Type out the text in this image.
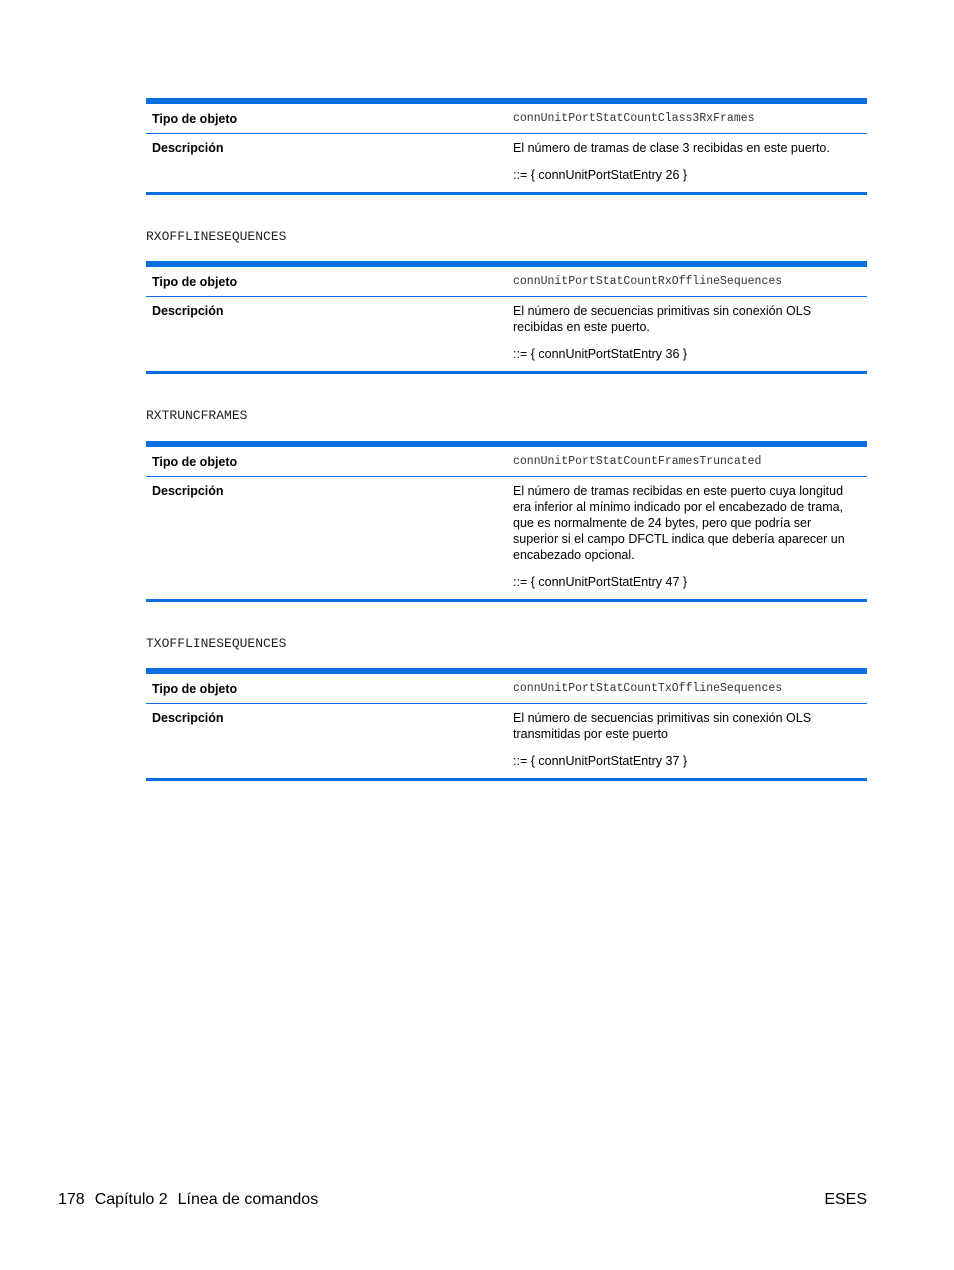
Tipo de objeto	connUnitPortStatCountClass3RxFrames
Descripción	El número de tramas de clase 3 recibidas en este puerto.
::= { connUnitPortStatEntry 26 }
RXOFFLINESEQUENCES
Tipo de objeto	connUnitPortStatCountRxOfflineSequences
Descripción	El número de secuencias primitivas sin conexión OLS recibidas en este puerto.
::= { connUnitPortStatEntry 36 }
RXTRUNCFRAMES
Tipo de objeto	connUnitPortStatCountFramesTruncated
Descripción	El número de tramas recibidas en este puerto cuya longitud era inferior al mínimo indicado por el encabezado de trama, que es normalmente de 24 bytes, pero que podría ser superior si el campo DFCTL indica que debería aparecer un encabezado opcional.
::= { connUnitPortStatEntry 47 }
TXOFFLINESEQUENCES
Tipo de objeto	connUnitPortStatCountTxOfflineSequences
Descripción	El número de secuencias primitivas sin conexión OLS transmitidas por este puerto
::= { connUnitPortStatEntry 37 }
178 Capítulo 2 Línea de comandos	ESES
